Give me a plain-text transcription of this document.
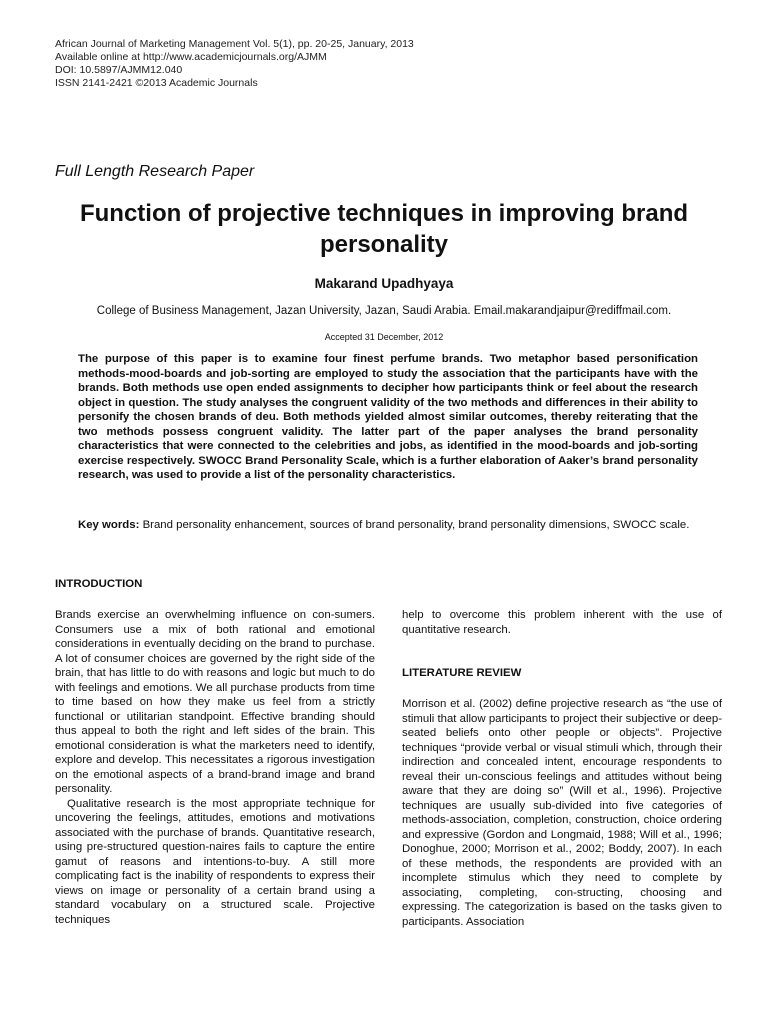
African Journal of Marketing Management Vol. 5(1), pp. 20-25, January, 2013
Available online at http://www.academicjournals.org/AJMM
DOI: 10.5897/AJMM12.040
ISSN 2141-2421 ©2013 Academic Journals
Full Length Research Paper
Function of projective techniques in improving brand personality
Makarand Upadhyaya
College of Business Management, Jazan University, Jazan, Saudi Arabia. Email.makarandjaipur@rediffmail.com.
Accepted 31 December, 2012
The purpose of this paper is to examine four finest perfume brands. Two metaphor based personification methods-mood-boards and job-sorting are employed to study the association that the participants have with the brands. Both methods use open ended assignments to decipher how participants think or feel about the research object in question. The study analyses the congruent validity of the two methods and differences in their ability to personify the chosen brands of deu. Both methods yielded almost similar outcomes, thereby reiterating that the two methods possess congruent validity. The latter part of the paper analyses the brand personality characteristics that were connected to the celebrities and jobs, as identified in the mood-boards and job-sorting exercise respectively. SWOCC Brand Personality Scale, which is a further elaboration of Aaker’s brand personality research, was used to provide a list of the personality characteristics.
Key words: Brand personality enhancement, sources of brand personality, brand personality dimensions, SWOCC scale.
INTRODUCTION

Brands exercise an overwhelming influence on con-sumers. Consumers use a mix of both rational and emotional considerations in eventually deciding on the brand to purchase. A lot of consumer choices are governed by the right side of the brain, that has little to do with reasons and logic but much to do with feelings and emotions. We all purchase products from time to time based on how they make us feel from a strictly functional or utilitarian standpoint. Effective branding should thus appeal to both the right and left sides of the brain. This emotional consideration is what the marketers need to identify, explore and develop. This necessitates a rigorous investigation on the emotional aspects of a brand-brand image and brand personality.

Qualitative research is the most appropriate technique for uncovering the feelings, attitudes, emotions and motivations associated with the purchase of brands. Quantitative research, using pre-structured question-naires fails to capture the entire gamut of reasons and intentions-to-buy. A still more complicating fact is the inability of respondents to express their views on image or personality of a certain brand using a standard vocabulary on a structured scale. Projective techniques

help to overcome this problem inherent with the use of quantitative research.
LITERATURE REVIEW

Morrison et al. (2002) define projective research as “the use of stimuli that allow participants to project their subjective or deep-seated beliefs onto other people or objects”. Projective techniques “provide verbal or visual stimuli which, through their indirection and concealed intent, encourage respondents to reveal their un-conscious feelings and attitudes without being aware that they are doing so” (Will et al., 1996). Projective techniques are usually sub-divided into five categories of methods-association, completion, construction, choice ordering and expressive (Gordon and Longmaid, 1988; Will et al., 1996; Donoghue, 2000; Morrison et al., 2002; Boddy, 2007). In each of these methods, the respondents are provided with an incomplete stimulus which they need to complete by associating, completing, con-structing, choosing and expressing. The categorization is based on the tasks given to participants. Association
